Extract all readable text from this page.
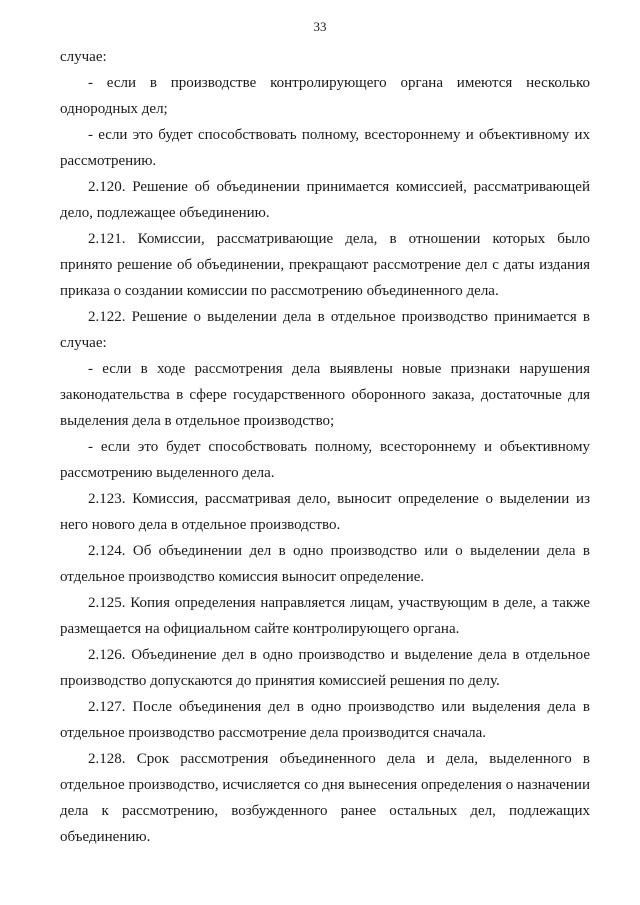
33
случае:
- если в производстве контролирующего органа имеются несколько
однородных дел;
- если это будет способствовать полному, всестороннему и объективному их
рассмотрению.
2.120. Решение об объединении принимается комиссией, рассматривающей
дело, подлежащее объединению.
2.121. Комиссии, рассматривающие дела, в отношении которых было
принято решение об объединении, прекращают рассмотрение дел с даты издания
приказа о создании комиссии по рассмотрению объединенного дела.
2.122. Решение о выделении дела в отдельное производство принимается в
случае:
- если в ходе рассмотрения дела выявлены новые признаки нарушения
законодательства в сфере государственного оборонного заказа, достаточные для
выделения дела в отдельное производство;
- если это будет способствовать полному, всестороннему и объективному
рассмотрению выделенного дела.
2.123. Комиссия, рассматривая дело, выносит определение о выделении из
него нового дела в отдельное производство.
2.124. Об объединении дел в одно производство или о выделении дела в
отдельное производство комиссия выносит определение.
2.125. Копия определения направляется лицам, участвующим в деле, а также
размещается на официальном сайте контролирующего органа.
2.126. Объединение дел в одно производство и выделение дела в отдельное
производство допускаются до принятия комиссией решения по делу.
2.127. После объединения дел в одно производство или выделения дела в
отдельное производство рассмотрение дела производится сначала.
2.128. Срок рассмотрения объединенного дела и дела, выделенного в
отдельное производство, исчисляется со дня вынесения определения о назначении
дела к рассмотрению, возбужденного ранее остальных дел, подлежащих
объединению.
